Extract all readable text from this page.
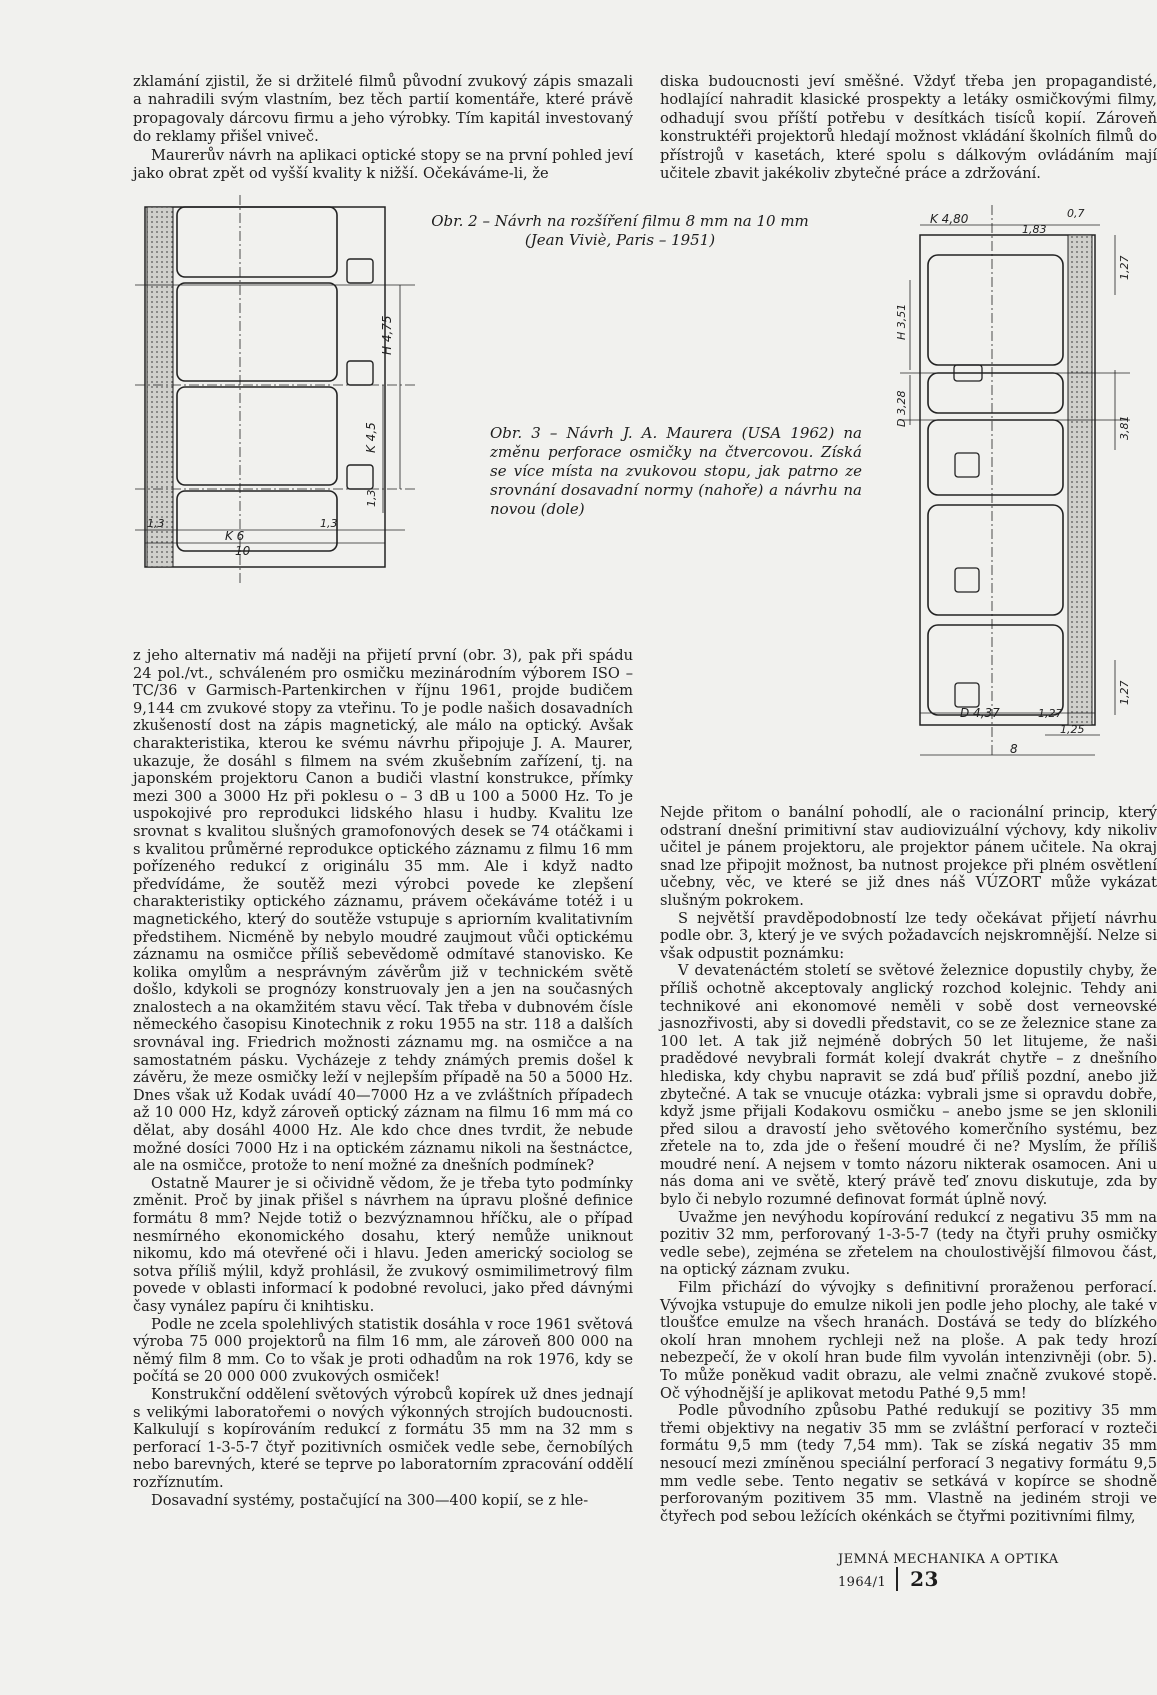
zklamání zjistil, že si držitelé filmů původní zvukový zápis smazali a nahradili svým vlastním, bez těch partií komentáře, které právě propagovaly dárcovu firmu a jeho výrobky. Tím kapitál investovaný do reklamy přišel vniveč.

Maurerův návrh na aplikaci optické stopy se na první pohled jeví jako obrat zpět od vyšší kvality k nižší. Očekáváme-li, že

diska budoucnosti jeví směšné. Vždyť třeba jen propagandisté, hodlající nahradit klasické prospekty a letáky osmičkovými filmy, odhadují svou příští potřebu v desítkách tisíců kopií. Zároveň konstruktéři projektorů hledají možnost vkládání školních filmů do přístrojů v kasetách, které spolu s dálkovým ovládáním mají učitele zbavit jakékoliv zbytečné práce a zdržování.

H 4,75
K 4,5
1,3
1,3
K 6
1,3
10
Obr. 2 – Návrh na rozšíření filmu 8 mm na 10 mm
(Jean Viviè, Paris – 1951)
Obr. 3 – Návrh J. A. Maurera (USA 1962) na změnu perforace osmičky na čtvercovou. Získá se více místa na zvukovou stopu, jak patrno ze srovnání dosavadní normy (nahoře) a návrhu na novou (dole)
K 4,80
1,83
0,7
1,27
H 3,51
D 3,28
3,81
1,27
D 4,37	1,27
1,25
8

z jeho alternativ má naději na přijetí první (obr. 3), pak při spádu 24 pol./vt., schváleném pro osmičku mezinárodním výborem ISO – TC/36 v Garmisch-Partenkirchen v říjnu 1961, projde budičem 9,144 cm zvukové stopy za vteřinu. To je podle našich dosavadních zkušeností dost na zápis magnetický, ale málo na optický. Avšak charakteristika, kterou ke svému návrhu připojuje J. A. Maurer, ukazuje, že dosáhl s filmem na svém zkušebním zařízení, tj. na japonském projektoru Canon a budiči vlastní konstrukce, přímky mezi 300 a 3000 Hz při poklesu o – 3 dB u 100 a 5000 Hz. To je uspokojivé pro reprodukci lidského hlasu i hudby. Kvalitu lze srovnat s kvalitou slušných gramofonových desek se 74 otáčkami i s kvalitou průměrné reprodukce optického záznamu z filmu 16 mm pořízeného redukcí z originálu 35 mm. Ale i když nadto předvídáme, že soutěž mezi výrobci povede ke zlepšení charakteristiky optického záznamu, právem očekáváme totéž i u magnetického, který do soutěže vstupuje s apriorním kvalitativním předstihem. Nicméně by nebylo moudré zaujmout vůči optickému záznamu na osmičce příliš sebevědomě odmítavé stanovisko. Ke kolika omylům a nesprávným závěrům již v technickém světě došlo, kdykoli se prognózy konstruovaly jen a jen na současných znalostech a na okamžitém stavu věcí. Tak třeba v dubnovém čísle německého časopisu Kinotechnik z roku 1955 na str. 118 a dalších srovnával ing. Friedrich možnosti záznamu mg. na osmičce a na samostatném pásku. Vycházeje z tehdy známých premis došel k závěru, že meze osmičky leží v nejlepším případě na 50 a 5000 Hz. Dnes však už Kodak uvádí 40—7000 Hz a ve zvláštních případech až 10 000 Hz, když zároveň optický záznam na filmu 16 mm má co dělat, aby dosáhl 4000 Hz. Ale kdo chce dnes tvrdit, že nebude možné dosíci 7000 Hz i na optickém záznamu nikoli na šestnáctce, ale na osmičce, protože to není možné za dnešních podmínek?

Ostatně Maurer je si očividně vědom, že je třeba tyto podmínky změnit. Proč by jinak přišel s návrhem na úpravu plošné definice formátu 8 mm? Nejde totiž o bezvýznamnou hříčku, ale o případ nesmírného ekonomického dosahu, který nemůže uniknout nikomu, kdo má otevřené oči i hlavu. Jeden americký sociolog se sotva příliš mýlil, když prohlásil, že zvukový osmimilimetrový film povede v oblasti informací k podobné revoluci, jako před dávnými časy vynález papíru či knihtisku.

Podle ne zcela spolehlivých statistik dosáhla v roce 1961 světová výroba 75 000 projektorů na film 16 mm, ale zároveň 800 000 na němý film 8 mm. Co to však je proti odhadům na rok 1976, kdy se počítá se 20 000 000 zvukových osmiček!

Konstrukční oddělení světových výrobců kopírek už dnes jednají s velikými laboratořemi o nových výkonných strojích budoucnosti. Kalkulují s kopírováním redukcí z formátu 35 mm na 32 mm s perforací 1-3-5-7 čtyř pozitivních osmiček vedle sebe, černobílých nebo barevných, které se teprve po laboratorním zpracování oddělí rozříznutím.

Dosavadní systémy, postačující na 300—400 kopií, se z hle-

Nejde přitom o banální pohodlí, ale o racionální princip, který odstraní dnešní primitivní stav audiovizuální výchovy, kdy nikoliv učitel je pánem projektoru, ale projektor pánem učitele. Na okraj snad lze připojit možnost, ba nutnost projekce při plném osvětlení učebny, věc, ve které se již dnes náš VÚZORT může vykázat slušným pokrokem.

S největší pravděpodobností lze tedy očekávat přijetí návrhu podle obr. 3, který je ve svých požadavcích nejskromnější. Nelze si však odpustit poznámku:

V devatenáctém století se světové železnice dopustily chyby, že příliš ochotně akceptovaly anglický rozchod kolejnic. Tehdy ani technikové ani ekonomové neměli v sobě dost verneovské jasnozřivosti, aby si dovedli představit, co se ze železnice stane za 100 let. A tak již nejméně dobrých 50 let litujeme, že naši pradědové nevybrali formát kolejí dvakrát chytře – z dnešního hlediska, kdy chybu napravit se zdá buď příliš pozdní, anebo již zbytečné. A tak se vnucuje otázka: vybrali jsme si opravdu dobře, když jsme přijali Kodakovu osmičku – anebo jsme se jen sklonili před silou a dravostí jeho světového komerčního systému, bez zřetele na to, zda jde o řešení moudré či ne? Myslím, že příliš moudré není. A nejsem v tomto názoru nikterak osamocen. Ani u nás doma ani ve světě, který právě teď znovu diskutuje, zda by bylo či nebylo rozumné definovat formát úplně nový.

Uvažme jen nevýhodu kopírování redukcí z negativu 35 mm na pozitiv 32 mm, perforovaný 1-3-5-7 (tedy na čtyři pruhy osmičky vedle sebe), zejména se zřetelem na choulostivější filmovou část, na optický záznam zvuku.

Film přichází do vývojky s definitivní proraženou perforací. Vývojka vstupuje do emulze nikoli jen podle jeho plochy, ale také v tloušťce emulze na všech hranách. Dostává se tedy do blízkého okolí hran mnohem rychleji než na ploše. A pak tedy hrozí nebezpečí, že v okolí hran bude film vyvolán intenzivněji (obr. 5). To může poněkud vadit obrazu, ale velmi značně zvukové stopě. Oč výhodnější je aplikovat metodu Pathé 9,5 mm!

Podle původního způsobu Pathé redukují se pozitivy 35 mm třemi objektivy na negativ 35 mm se zvláštní perforací v rozteči formátu 9,5 mm (tedy 7,54 mm). Tak se získá negativ 35 mm nesoucí mezi zmíněnou speciální perforací 3 negativy formátu 9,5 mm vedle sebe. Tento negativ se setkává v kopírce se shodně perforovaným pozitivem 35 mm. Vlastně na jediném stroji ve čtyřech pod sebou ležících okénkách se čtyřmi pozitivními filmy,

JEMNÁ MECHANIKA A OPTIKA 1964/1 23
